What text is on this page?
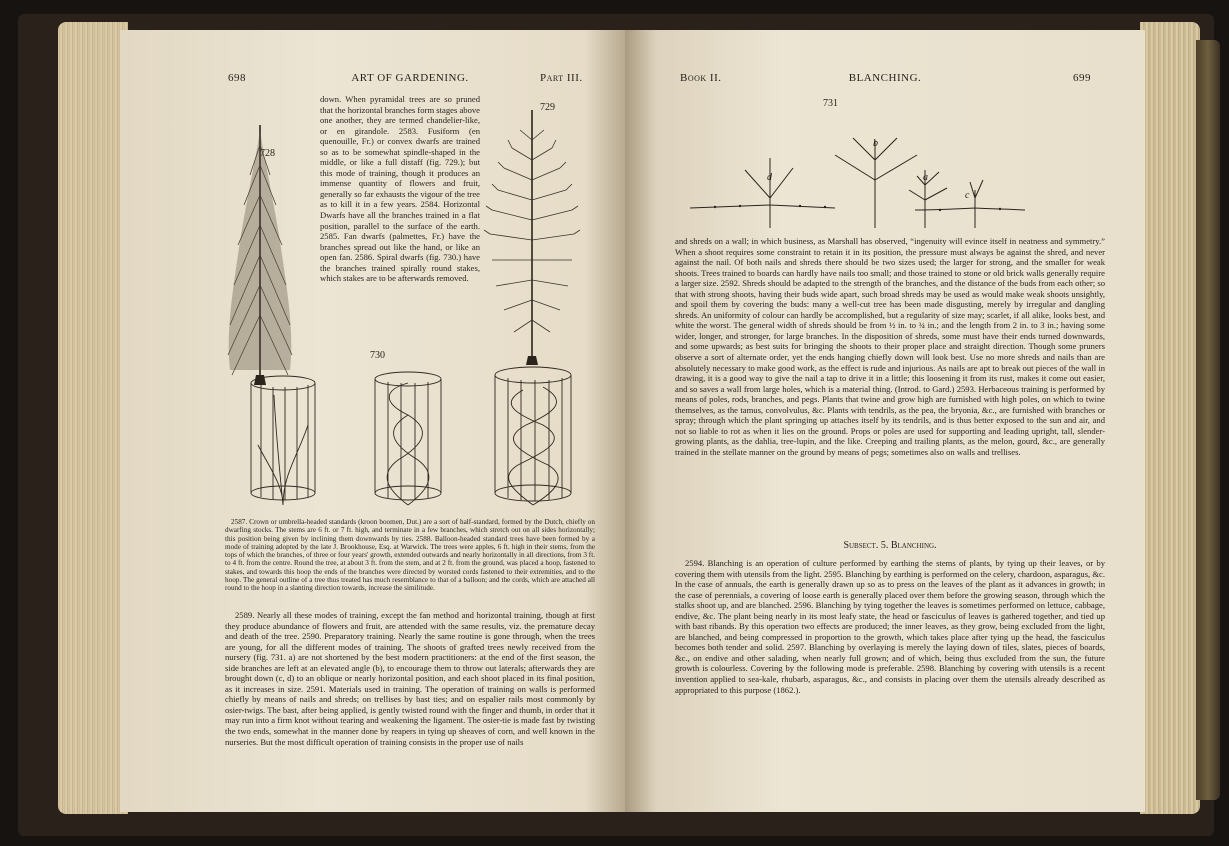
698	ART OF GARDENING.	Part III.
728

down. When pyramidal trees are so pruned that the horizontal branches form stages above one another, they are termed chandelier-like, or en girandole. 2583. Fusiform (en quenouille, Fr.) or convex dwarfs are trained so as to be somewhat spindle-shaped in the middle, or like a full distaff (fig. 729.); but this mode of training, though it produces an immense quantity of flowers and fruit, generally so far exhausts the vigour of the tree as to kill it in a few years. 2584. Horizontal Dwarfs have all the branches trained in a flat position, parallel to the surface of the earth. 2585. Fan dwarfs (palmettes, Fr.) have the branches spread out like the hand, or like an open fan. 2586. Spiral dwarfs (fig. 730.) have the branches trained spirally round stakes, which stakes are to be afterwards removed.

729
730

2587. Crown or umbrella-headed standards (kroon boomen, Dut.) are a sort of half-standard, formed by the Dutch, chiefly on dwarfing stocks. The stems are 6 ft. or 7 ft. high, and terminate in a few branches, which stretch out on all sides horizontally; this position being given by inclining them downwards by ties. 2588. Balloon-headed standard trees have been formed by a mode of training adopted by the late J. Brookhouse, Esq. at Warwick. The trees were apples, 6 ft. high in their stems, from the tops of which the branches, of three or four years' growth, extended outwards and nearly horizontally in all directions, from 3 ft. to 4 ft. from the centre. Round the tree, at about 3 ft. from the stem, and at 2 ft. from the ground, was placed a hoop, fastened to stakes, and towards this hoop the ends of the branches were directed by worsted cords fastened to their extremities, and to the hoop. The general outline of a tree thus treated has much resemblance to that of a balloon; and the cords, which are attached all round to the hoop in a slanting direction towards, increase the similitude.

2589. Nearly all these modes of training, except the fan method and horizontal training, though at first they produce abundance of flowers and fruit, are attended with the same results, viz. the premature decay and death of the tree. 2590. Preparatory training. Nearly the same routine is gone through, when the trees are young, for all the different modes of training. The shoots of grafted trees newly received from the nursery (fig. 731. a) are not shortened by the best modern practitioners: at the end of the first season, the side branches are left at an elevated angle (b), to encourage them to throw out laterals; afterwards they are brought down (c, d) to an oblique or nearly horizontal position, and each shoot placed in its final position, as it increases in size. 2591. Materials used in training. The operation of training on walls is performed chiefly by means of nails and shreds; on trellises by bast ties; and on espalier rails most commonly by osier-twigs. The bast, after being applied, is gently twisted round with the finger and thumb, in order that it may run into a firm knot without tearing and weakening the ligament. The osier-tie is made fast by twisting the two ends, somewhat in the manner done by reapers in tying up sheaves of corn, and well known in the nurseries. But the most difficult operation of training consists in the proper use of nails

Book II.	BLANCHING.	699
731
d
b
a
c

and shreds on a wall; in which business, as Marshall has observed, “ingenuity will evince itself in neatness and symmetry.” When a shoot requires some constraint to retain it in its position, the pressure must always be against the shred, and never against the nail. Of both nails and shreds there should be two sizes used; the larger for strong, and the smaller for weak shoots. Trees trained to boards can hardly have nails too small; and those trained to stone or old brick walls generally require a larger size. 2592. Shreds should be adapted to the strength of the branches, and the distance of the buds from each other; so that with strong shoots, having their buds wide apart, such broad shreds may be used as would make weak shoots unsightly, and spoil them by covering the buds: many a well-cut tree has been made disgusting, merely by irregular and dangling shreds. An uniformity of colour can hardly be accomplished, but a regularity of size may; scarlet, if all alike, looks best, and white the worst. The general width of shreds should be from ½ in. to ¾ in.; and the length from 2 in. to 3 in.; having some wider, longer, and stronger, for large branches. In the disposition of shreds, some must have their ends turned downwards, and some upwards; as best suits for bringing the shoots to their proper place and straight direction. Though some pruners observe a sort of alternate order, yet the ends hanging chiefly down will look best. Use no more shreds and nails than are absolutely necessary to make good work, as the effect is rude and injurious. As nails are apt to break out pieces of the wall in drawing, it is a good way to give the nail a tap to drive it in a little; this loosening it from its rust, makes it come out easier, and so saves a wall from large holes, which is a material thing. (Introd. to Gard.) 2593. Herbaceous training is performed by means of poles, rods, branches, and pegs. Plants that twine and grow high are furnished with high poles, on which to twine themselves, as the tamus, convolvulus, &c. Plants with tendrils, as the pea, the bryonia, &c., are furnished with branches or spray; through which the plant springing up attaches itself by its tendrils, and is thus better exposed to the sun and air, and not so liable to rot as when it lies on the ground. Props or poles are used for supporting and leading upright, tall, slender-growing plants, as the dahlia, tree-lupin, and the like. Creeping and trailing plants, as the melon, gourd, &c., are generally trained in the stellate manner on the ground by means of pegs; sometimes also on walls and trellises.

Subsect. 5. Blanching.

2594. Blanching is an operation of culture performed by earthing the stems of plants, by tying up their leaves, or by covering them with utensils from the light. 2595. Blanching by earthing is performed on the celery, chardoon, asparagus, &c. In the case of annuals, the earth is generally drawn up so as to press on the leaves of the plant as it advances in growth; in the case of perennials, a covering of loose earth is generally placed over them before the growing season, through which the stalks shoot up, and are blanched. 2596. Blanching by tying together the leaves is sometimes performed on lettuce, cabbage, endive, &c. The plant being nearly in its most leafy state, the head or fasciculus of leaves is gathered together, and tied up with bast ribands. By this operation two effects are produced; the inner leaves, as they grow, being excluded from the light, are blanched, and being compressed in proportion to the growth, which takes place after tying up the head, the fasciculus becomes both tender and solid. 2597. Blanching by overlaying is merely the laying down of tiles, slates, pieces of boards, &c., on endive and other salading, when nearly full grown; and of which, being thus excluded from the sun, the future growth is colourless. Covering by the following mode is preferable. 2598. Blanching by covering with utensils is a recent invention applied to sea-kale, rhubarb, asparagus, &c., and consists in placing over them the utensils already described as appropriated to this purpose (1862.).
